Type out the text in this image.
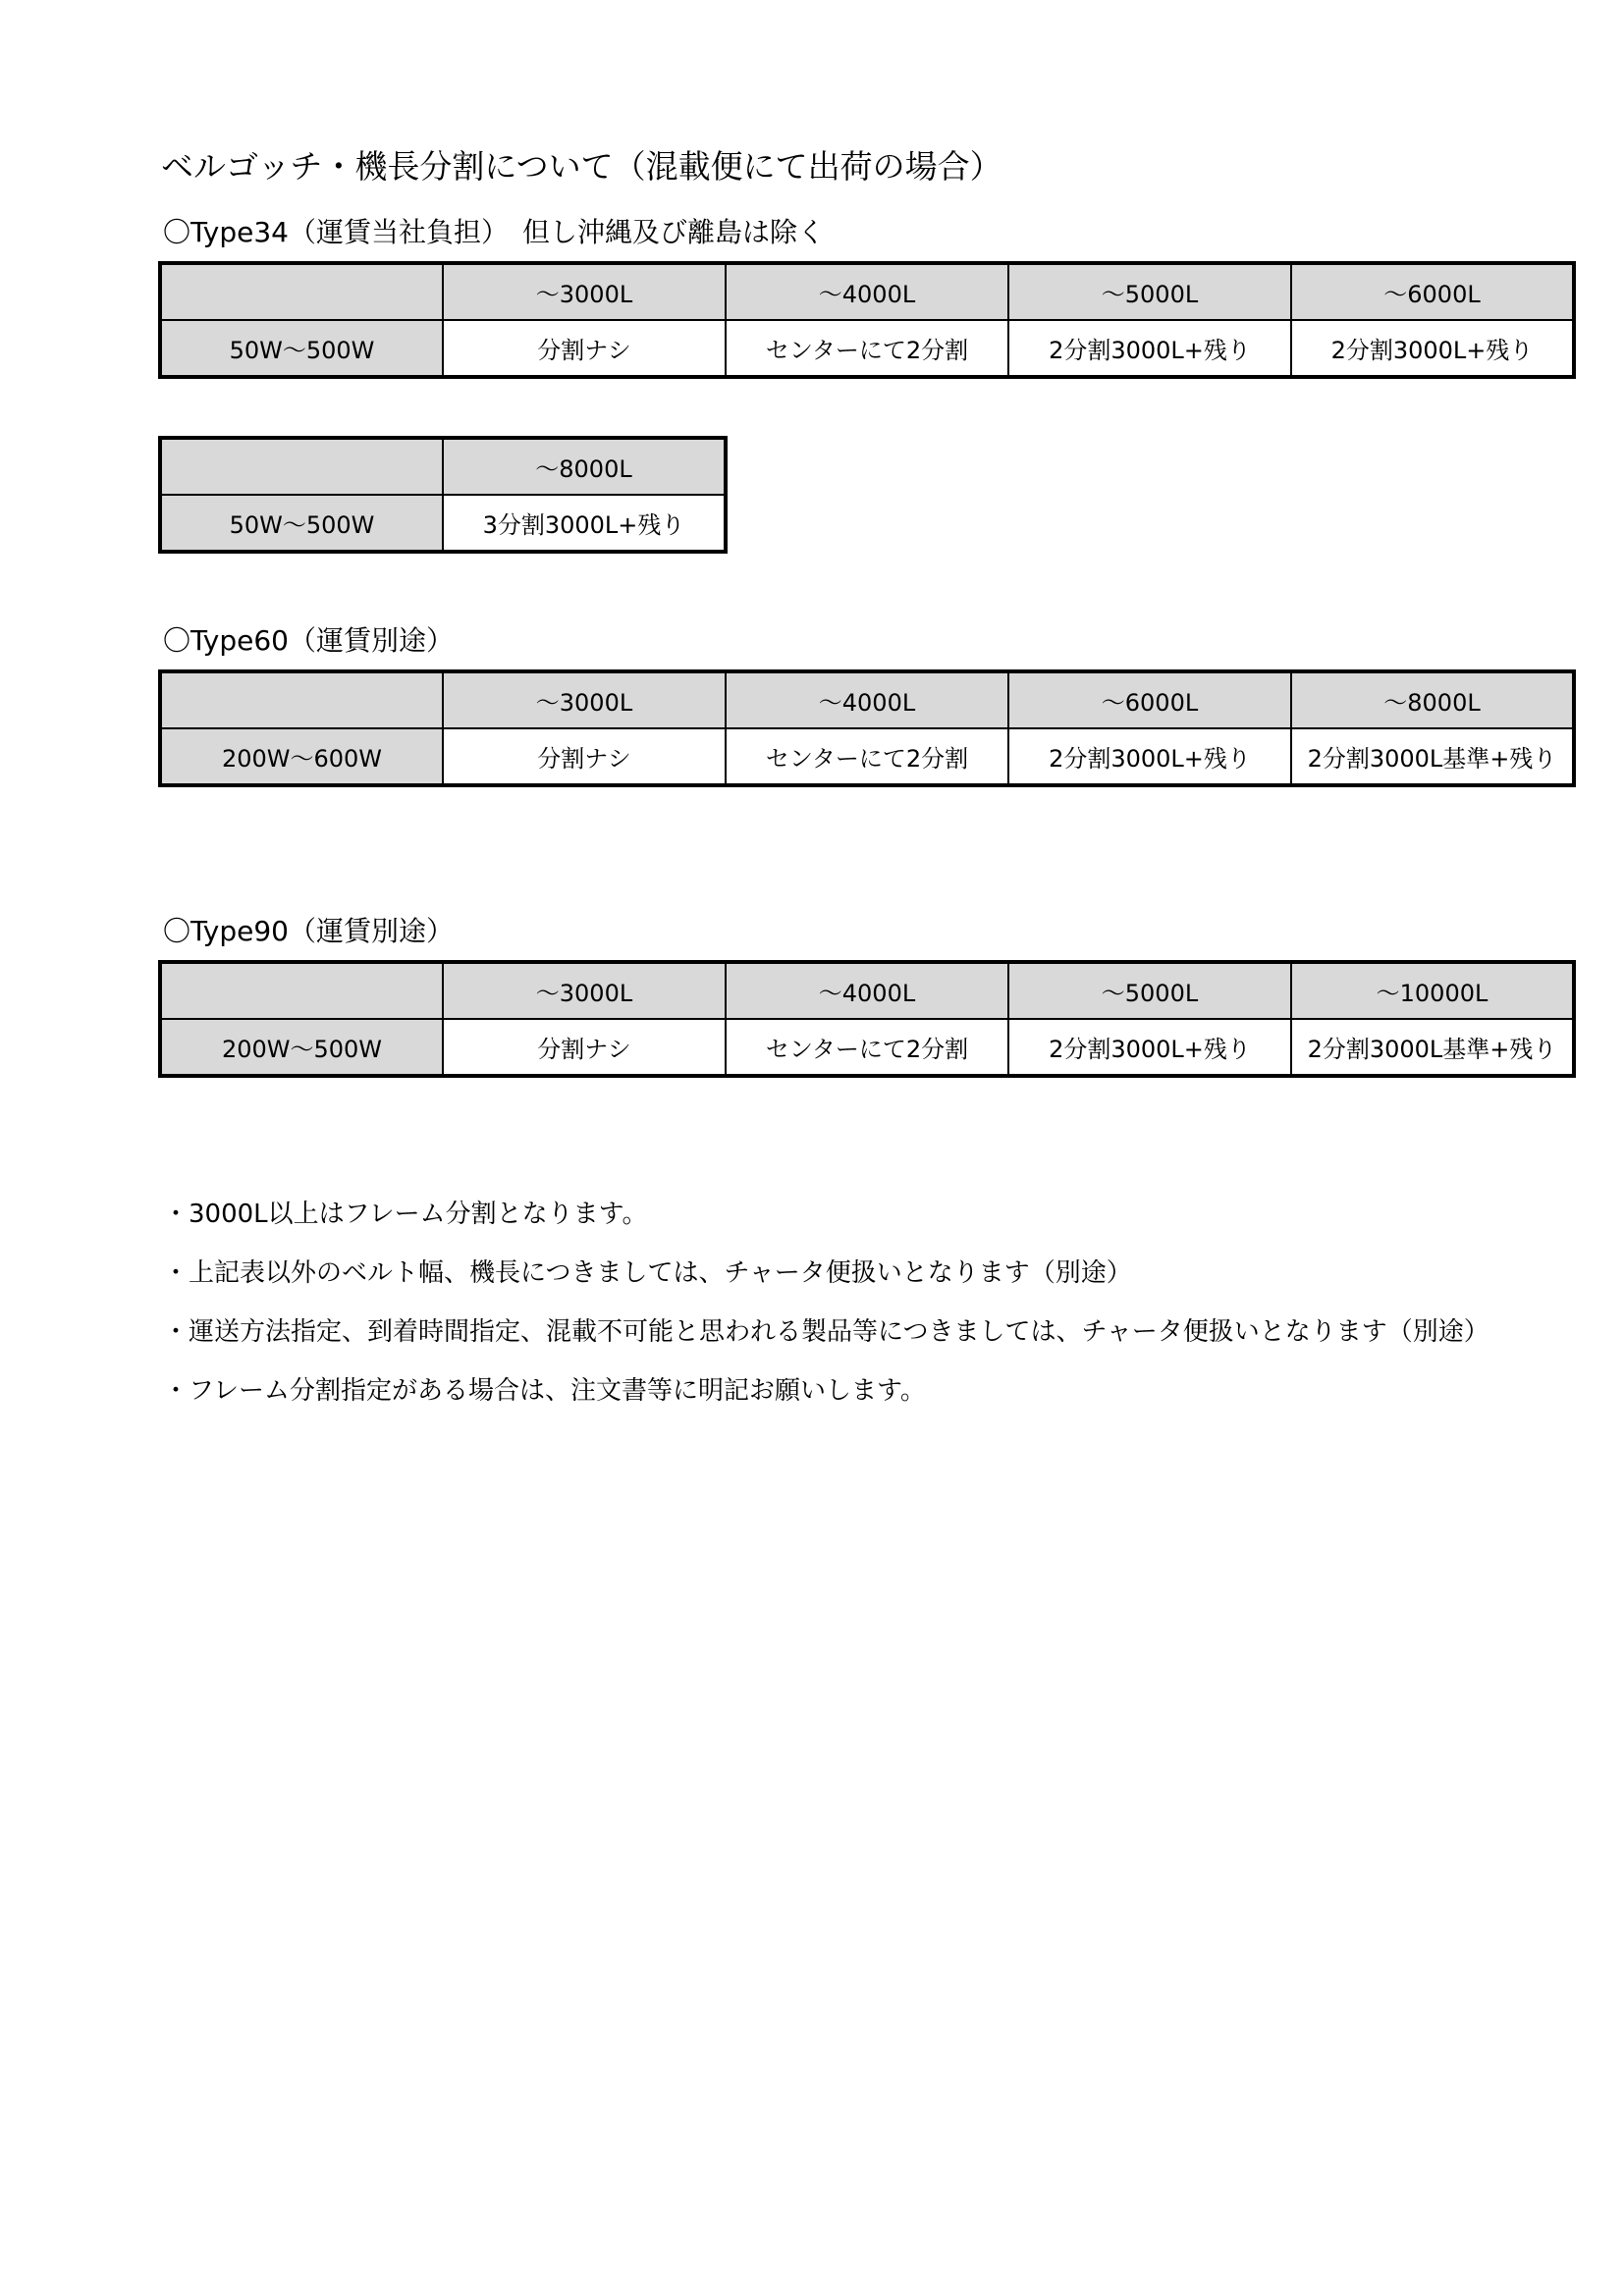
ベルゴッチ・機長分割について（混載便にて出荷の場合）
〇Type34（運賃当社負担）　但し沖縄及び離島は除く
	～3000L	～4000L	～5000L	～6000L
50W～500W	分割ナシ	センターにて2分割	2分割3000L+残り	2分割3000L+残り
	～8000L
50W～500W	3分割3000L+残り
〇Type60（運賃別途）
	～3000L	～4000L	～6000L	～8000L
200W～600W	分割ナシ	センターにて2分割	2分割3000L+残り	2分割3000L基準+残り
〇Type90（運賃別途）
	～3000L	～4000L	～5000L	～10000L
200W～500W	分割ナシ	センターにて2分割	2分割3000L+残り	2分割3000L基準+残り
・3000L以上はフレーム分割となります。
・上記表以外のベルト幅、機長につきましては、チャータ便扱いとなります（別途）
・運送方法指定、到着時間指定、混載不可能と思われる製品等につきましては、チャータ便扱いとなります（別途）
・フレーム分割指定がある場合は、注文書等に明記お願いします。
